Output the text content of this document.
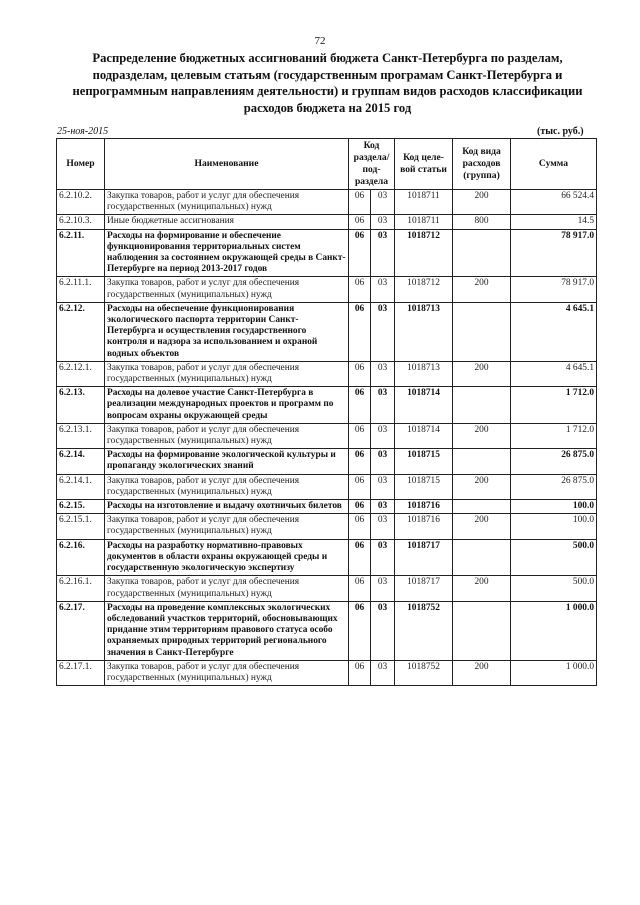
72
Распределение бюджетных ассигнований бюджета Санкт-Петербурга по разделам, подразделам, целевым статьям (государственным програмам Санкт-Петербурга и непрограммным направлениям деятельности) и группам видов расходов классификации расходов бюджета на 2015 год
25-ноя-2015	(тыс. руб.)
Номер	Наименование	Код раздела/ под-раздела		Код целе-вой статьи	Код вида расходов (группа)	Сумма
6.2.10.2.	Закупка товаров, работ и услуг для обеспечения государственных (муниципальных) нужд	06	03	1018711	200	66 524.4
6.2.10.3.	Иные бюджетные ассигнования	06	03	1018711	800	14.5
6.2.11.	Расходы на формирование и обеспечение функционирования территориальных систем наблюдения за состоянием окружающей среды в Санкт-Петербурге на период 2013-2017 годов	06	03	1018712		78 917.0
6.2.11.1.	Закупка товаров, работ и услуг для обеспечения государственных (муниципальных) нужд	06	03	1018712	200	78 917.0
6.2.12.	Расходы на обеспечение функционирования экологического паспорта территории Санкт-Петербурга и осуществления государственного контроля и надзора за использованием и охраной водных объектов	06	03	1018713		4 645.1
6.2.12.1.	Закупка товаров, работ и услуг для обеспечения государственных (муниципальных) нужд	06	03	1018713	200	4 645.1
6.2.13.	Расходы на долевое участие Санкт-Петербурга в реализации международных проектов и программ по вопросам охраны окружающей среды	06	03	1018714		1 712.0
6.2.13.1.	Закупка товаров, работ и услуг для обеспечения государственных (муниципальных) нужд	06	03	1018714	200	1 712.0
6.2.14.	Расходы на формирование экологической культуры и пропаганду экологических знаний	06	03	1018715		26 875.0
6.2.14.1.	Закупка товаров, работ и услуг для обеспечения государственных (муниципальных) нужд	06	03	1018715	200	26 875.0
6.2.15.	Расходы на изготовление и выдачу охотничьих билетов	06	03	1018716		100.0
6.2.15.1.	Закупка товаров, работ и услуг для обеспечения государственных (муниципальных) нужд	06	03	1018716	200	100.0
6.2.16.	Расходы на разработку нормативно-правовых документов в области охраны окружающей среды и государственную экологическую экспертизу	06	03	1018717		500.0
6.2.16.1.	Закупка товаров, работ и услуг для обеспечения государственных (муниципальных) нужд	06	03	1018717	200	500.0
6.2.17.	Расходы на проведение комплексных экологических обследований участков территорий, обосновывающих придание этим территориям правового статуса особо охраняемых природных территорий регионального значения в Санкт-Петербурге	06	03	1018752		1 000.0
6.2.17.1.	Закупка товаров, работ и услуг для обеспечения государственных (муниципальных) нужд	06	03	1018752	200	1 000.0
